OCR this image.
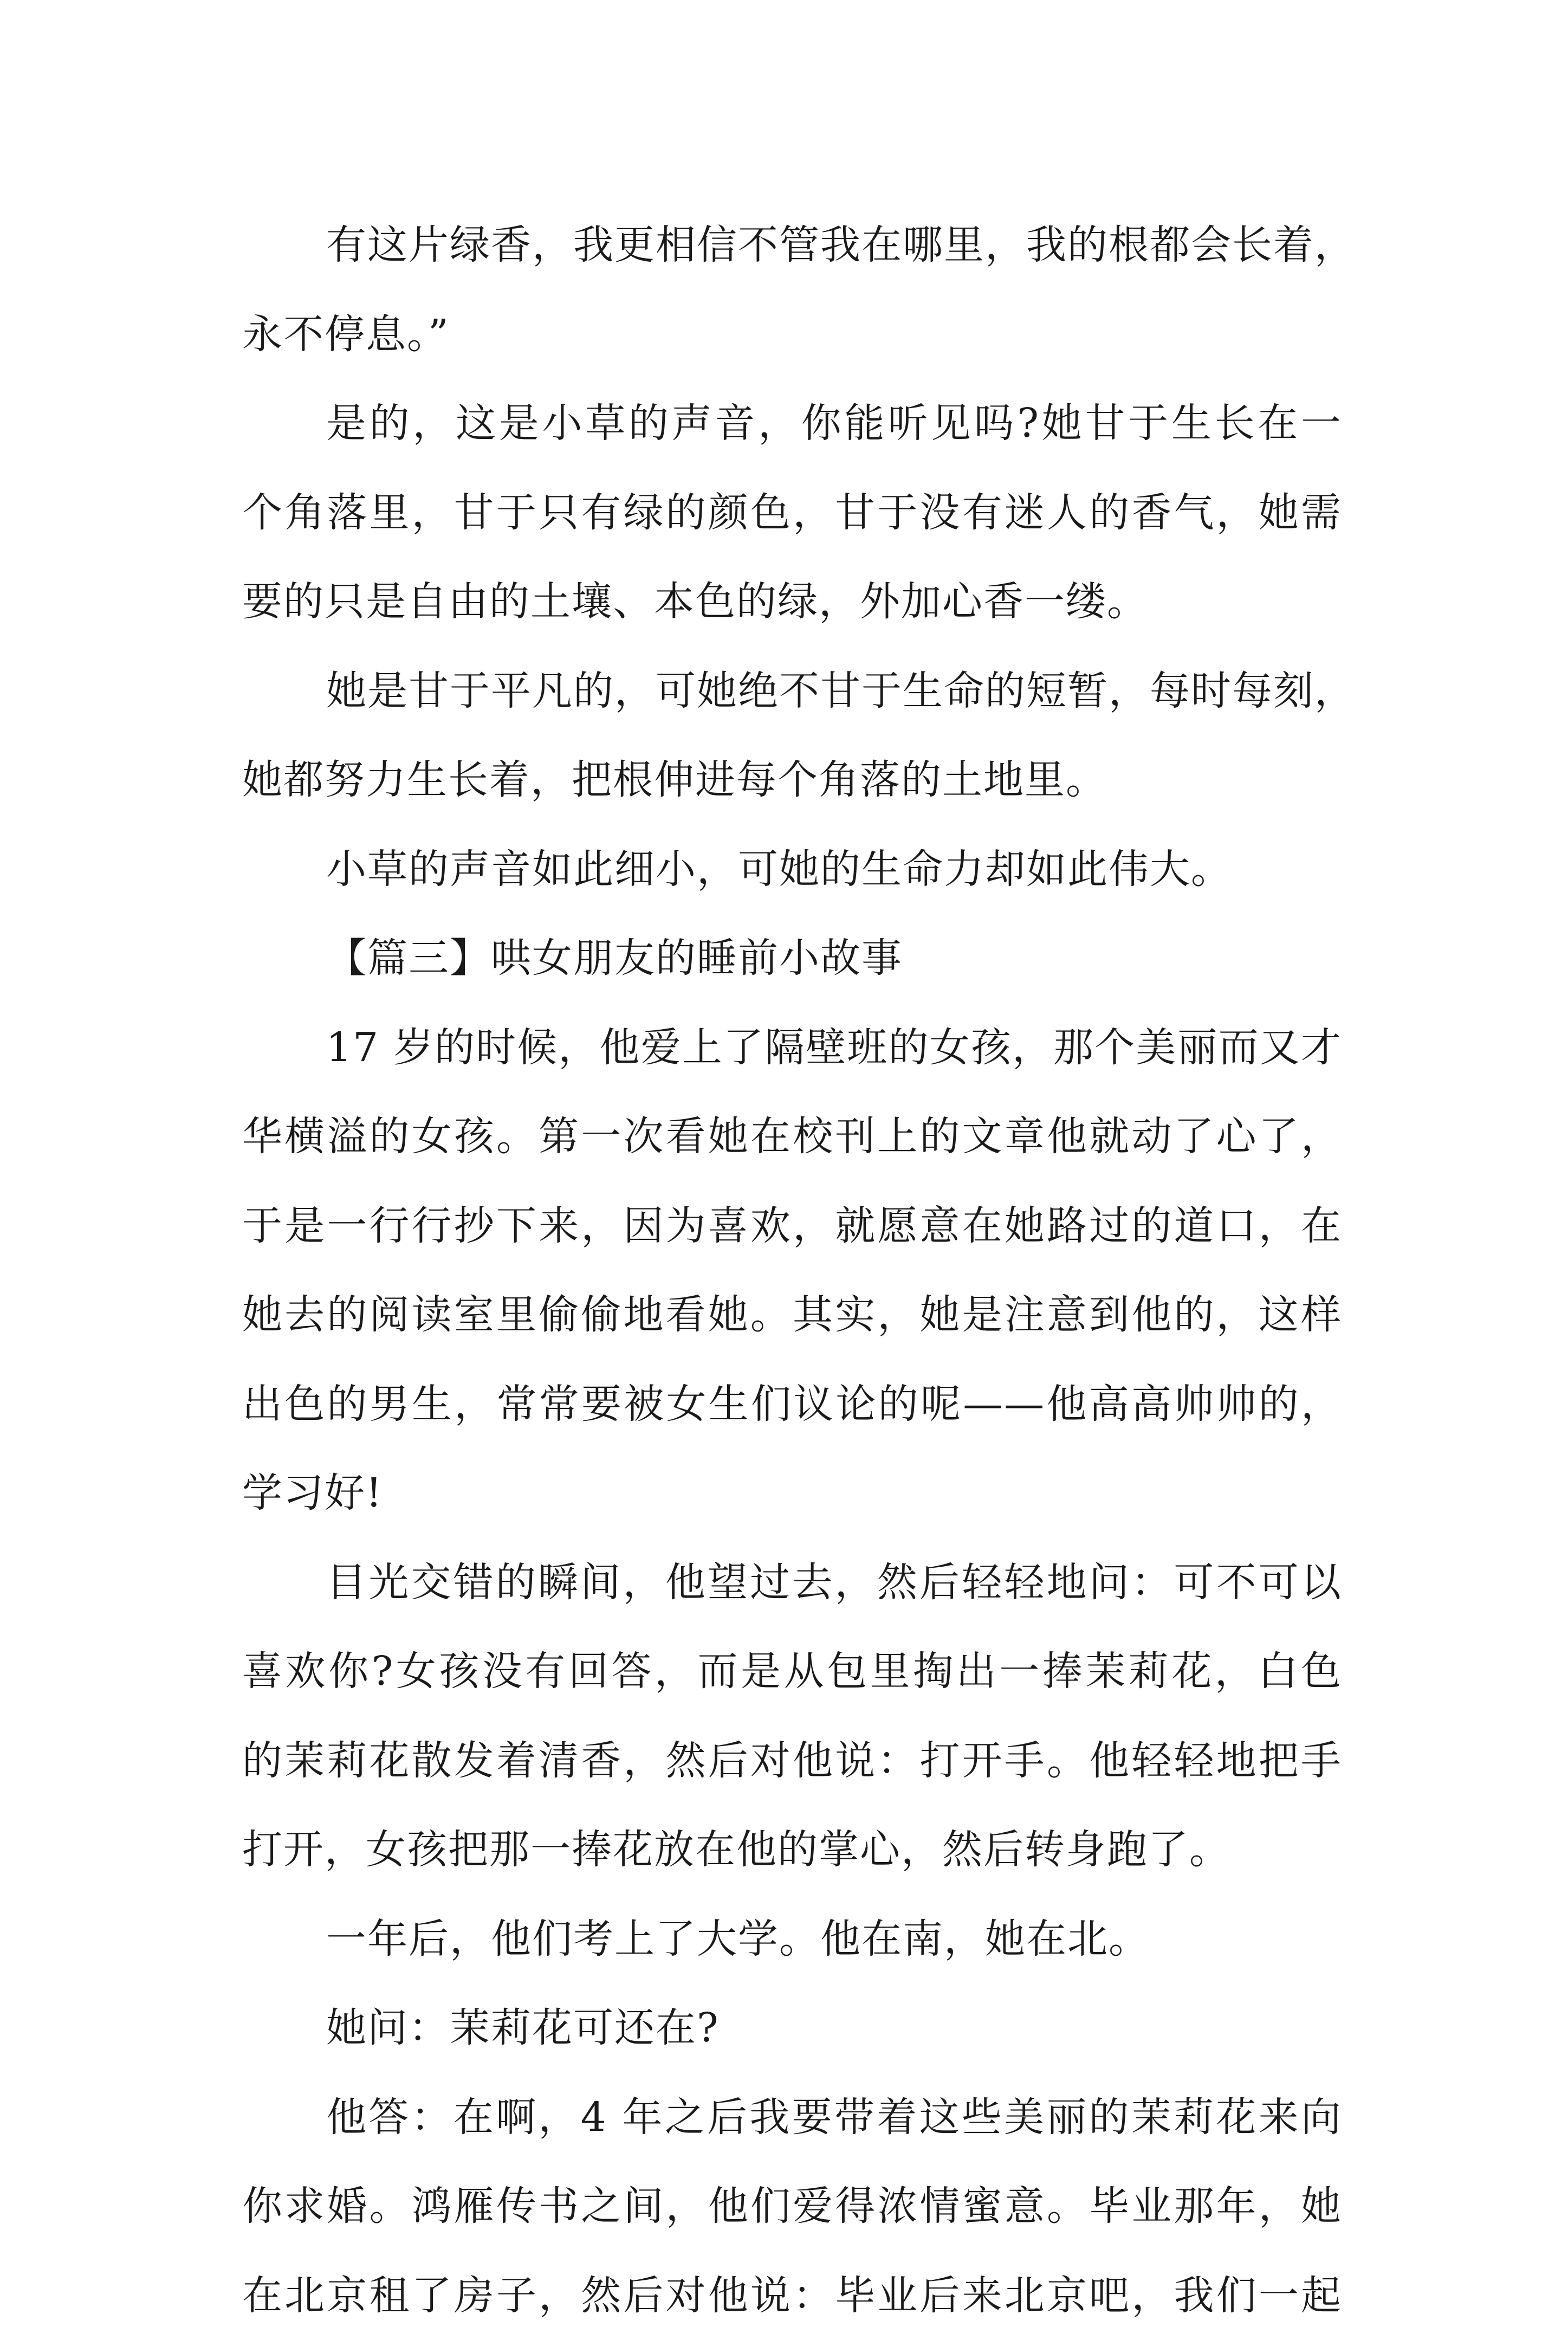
有这片绿香，我更相信不管我在哪里，我的根都会长着，
永不停息。”
是的，这是小草的声音，你能听见吗?她甘于生长在一
个角落里，甘于只有绿的颜色，甘于没有迷人的香气，她需
要的只是自由的土壤、本色的绿，外加心香一缕。
她是甘于平凡的，可她绝不甘于生命的短暂，每时每刻，
她都努力生长着，把根伸进每个角落的土地里。
小草的声音如此细小，可她的生命力却如此伟大。
【篇三】哄女朋友的睡前小故事
17 岁的时候，他爱上了隔壁班的女孩，那个美丽而又才
华横溢的女孩。第一次看她在校刊上的文章他就动了心了，
于是一行行抄下来，因为喜欢，就愿意在她路过的道口，在
她去的阅读室里偷偷地看她。其实，她是注意到他的，这样
出色的男生，常常要被女生们议论的呢——他高高帅帅的，
学习好!
目光交错的瞬间，他望过去，然后轻轻地问：可不可以
喜欢你?女孩没有回答，而是从包里掏出一捧茉莉花，白色
的茉莉花散发着清香，然后对他说：打开手。他轻轻地把手
打开，女孩把那一捧花放在他的掌心，然后转身跑了。
一年后，他们考上了大学。他在南，她在北。
她问：茉莉花可还在?
他答：在啊，4 年之后我要带着这些美丽的茉莉花来向
你求婚。鸿雁传书之间，他们爱得浓情蜜意。毕业那年，她
在北京租了房子，然后对他说：毕业后来北京吧，我们一起
